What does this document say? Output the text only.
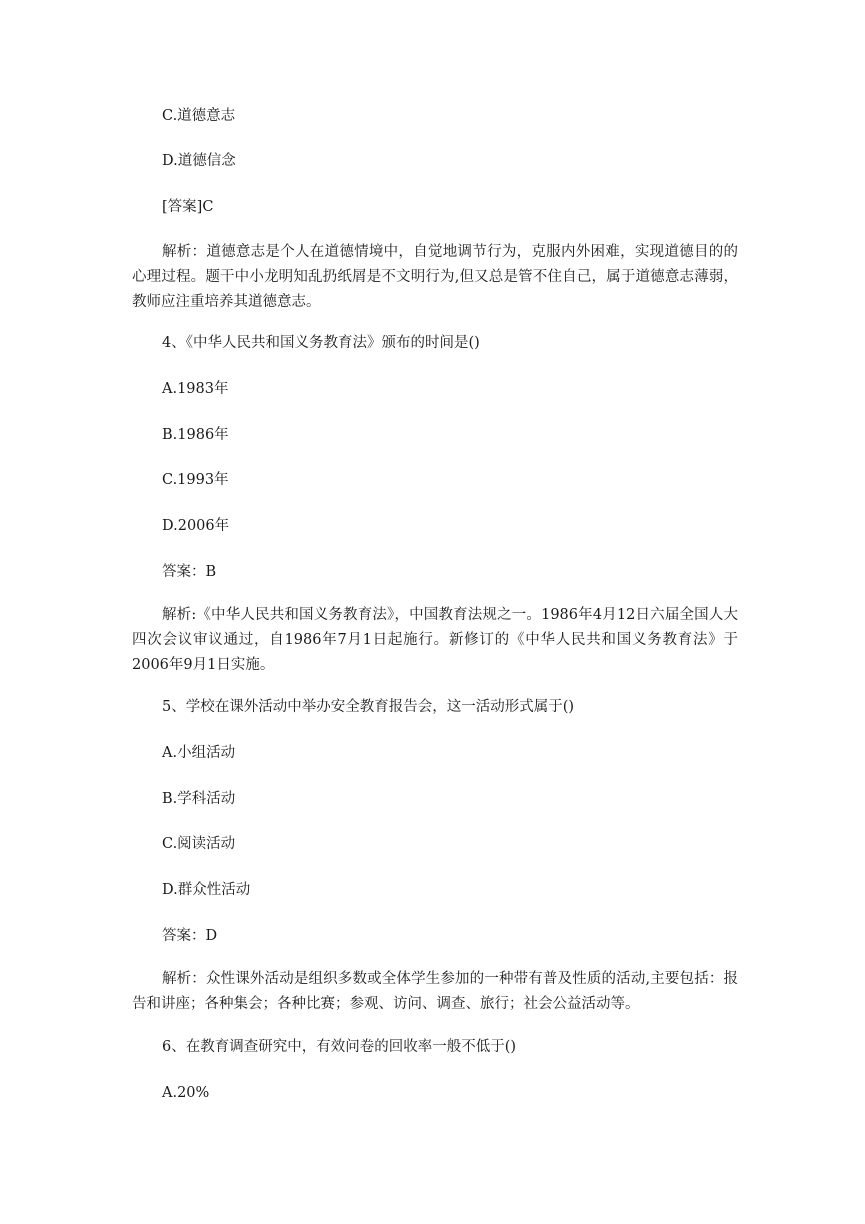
C.道德意志
D.道德信念
[答案]C
解析：道德意志是个人在道德情境中，自觉地调节行为，克服内外困难，实现道德目的的心理过程。题干中小龙明知乱扔纸屑是不文明行为,但又总是管不住自己，属于道德意志薄弱，教师应注重培养其道德意志。
4、《中华人民共和国义务教育法》颁布的时间是()
A.1983年
B.1986年
C.1993年
D.2006年
答案：B
解析:《中华人民共和国义务教育法》，中国教育法规之一。1986年4月12日六届全国人大四次会议审议通过，自1986年7月1日起施行。新修订的《中华人民共和国义务教育法》于2006年9月1日实施。
5、学校在课外活动中举办安全教育报告会，这一活动形式属于()
A.小组活动
B.学科活动
C.阅读活动
D.群众性活动
答案：D
解析：众性课外活动是组织多数或全体学生参加的一种带有普及性质的活动,主要包括：报告和讲座；各种集会；各种比赛；参观、访问、调查、旅行；社会公益活动等。
6、在教育调查研究中，有效问卷的回收率一般不低于()
A.20%
